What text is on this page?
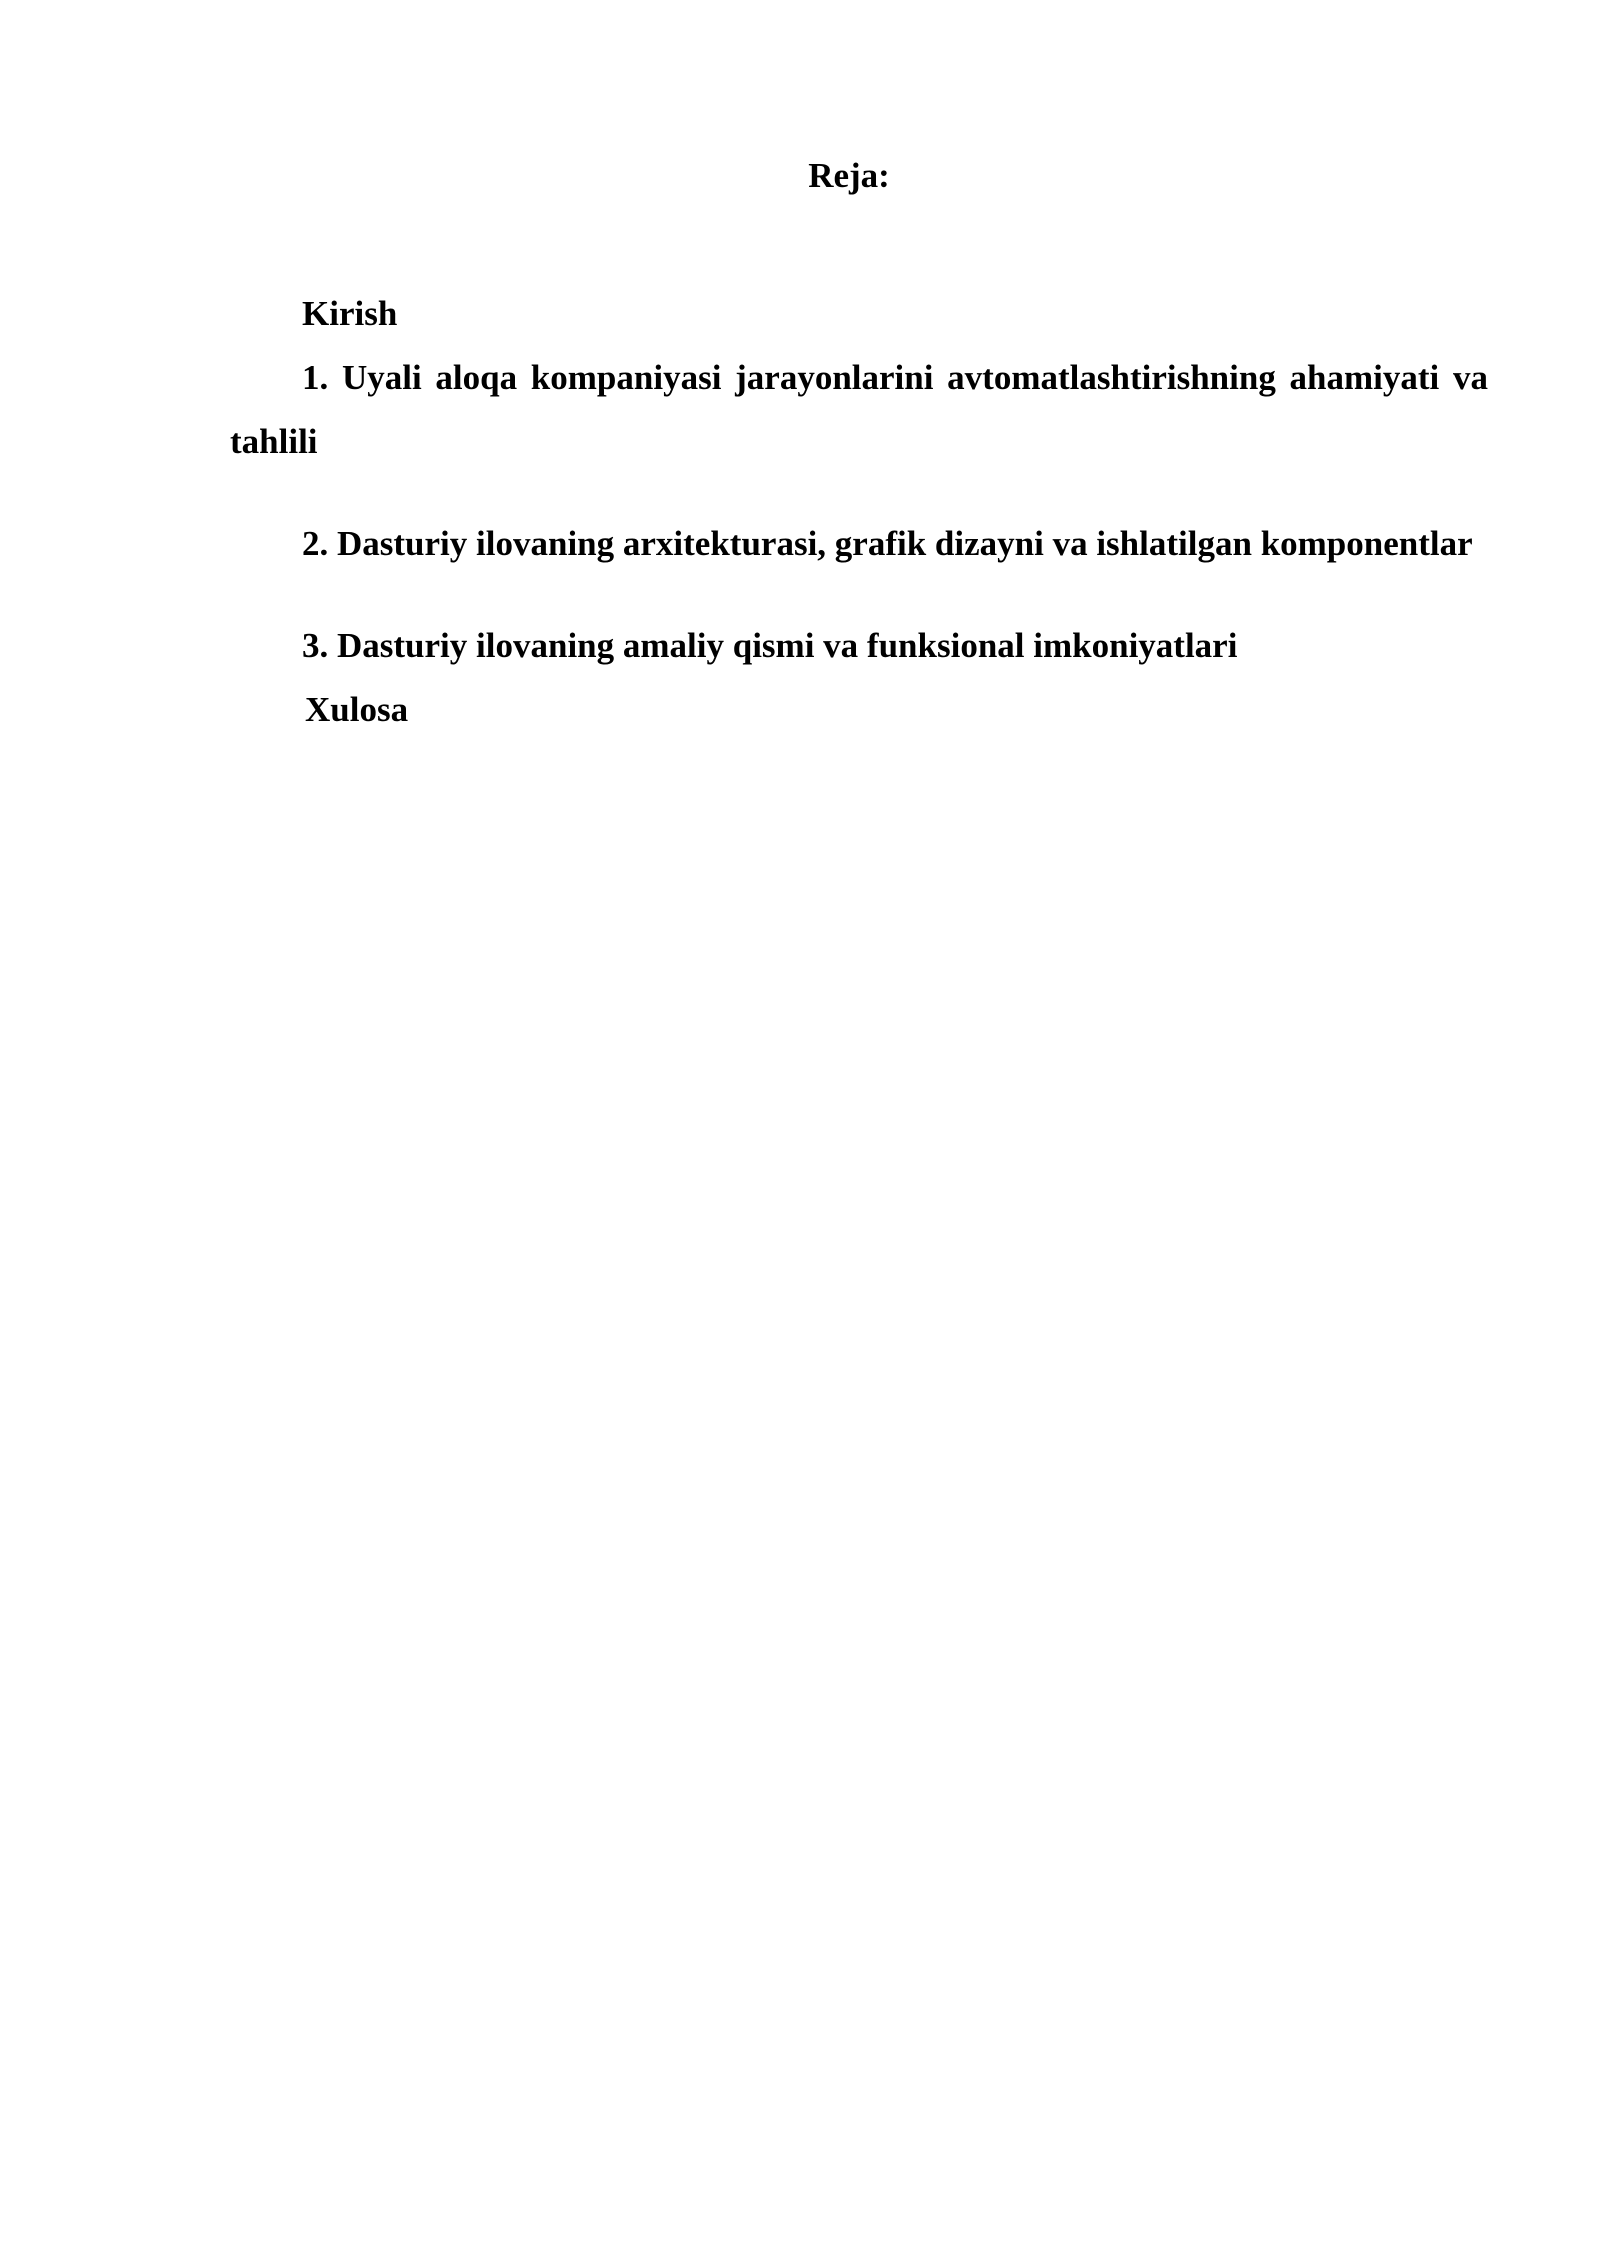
Reja:
Kirish
1. Uyali aloqa kompaniyasi jarayonlarini avtomatlashtirishning ahamiyati va tahlili
2. Dasturiy ilovaning arxitekturasi, grafik dizayni va ishlatilgan komponentlar
3. Dasturiy ilovaning amaliy qismi va funksional imkoniyatlari
Xulosa
